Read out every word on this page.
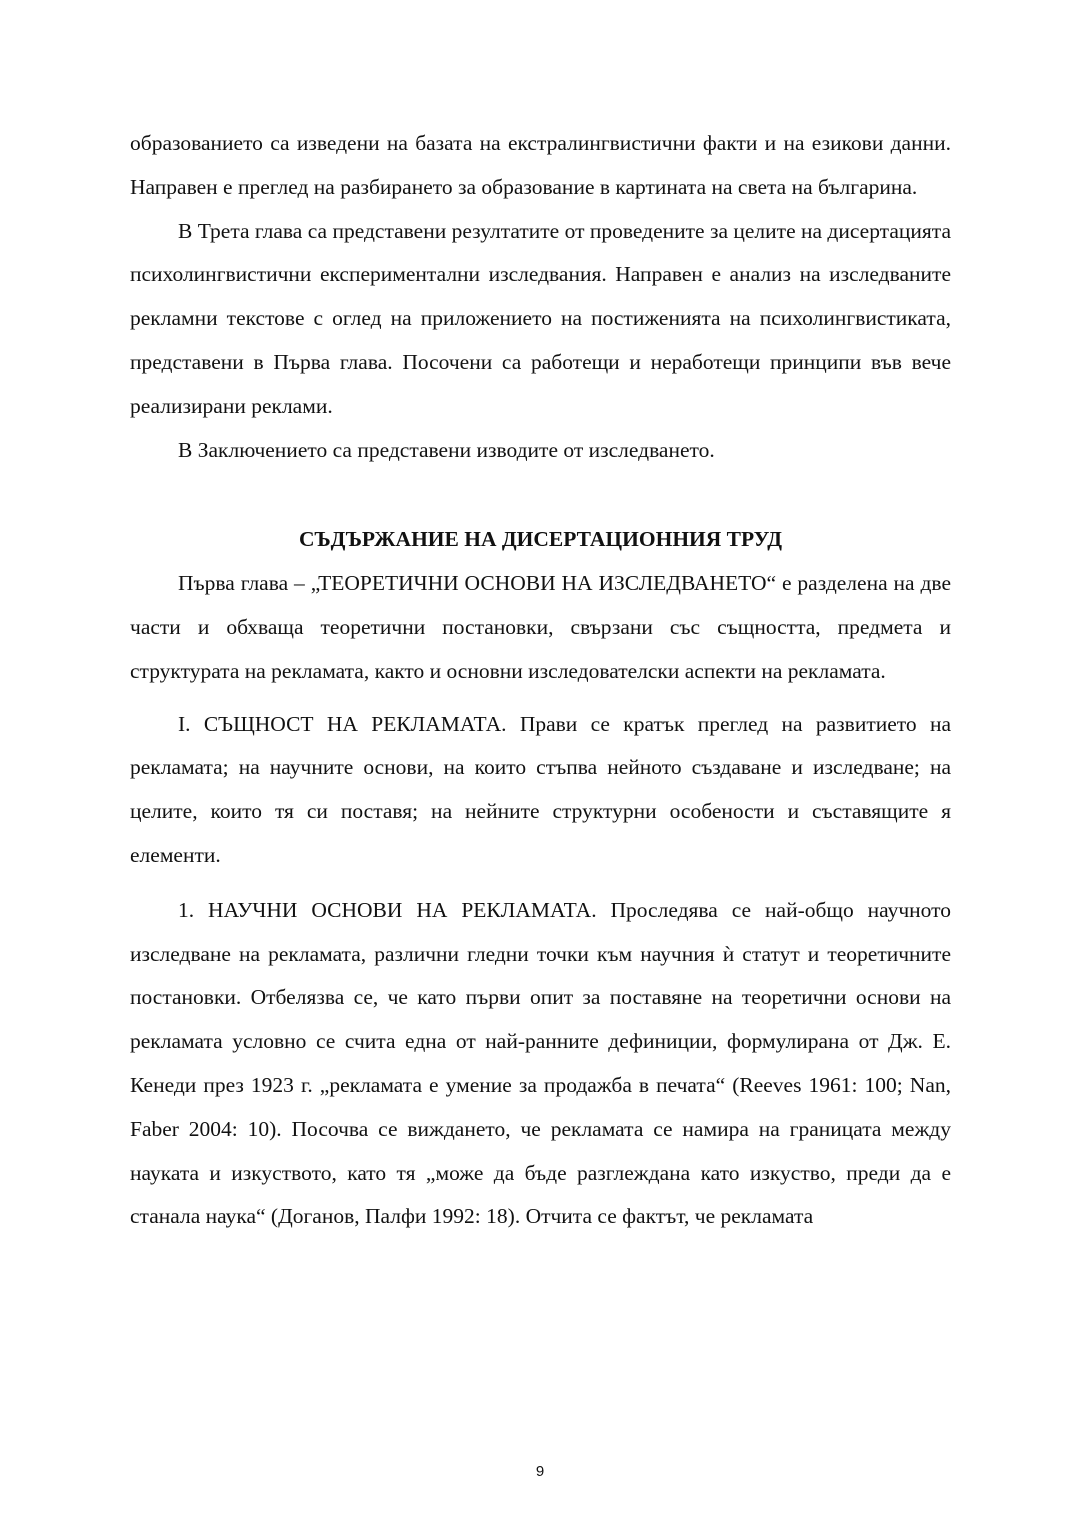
образованието са изведени на базата на екстралингвистични факти и на езикови данни. Направен е преглед на разбирането за образование в картината на света на българина.

В Трета глава са представени резултатите от проведените за целите на дисертацията психолингвистични експериментални изследвания. Направен е анализ на изследваните рекламни текстове с оглед на приложението на постиженията на психолингвистиката, представени в Първа глава. Посочени са работещи и неработещи принципи във вече реализирани реклами.

В Заключението са представени изводите от изследването.

СЪДЪРЖАНИЕ НА ДИСЕРТАЦИОННИЯ ТРУД

Първа глава – „ТЕОРЕТИЧНИ ОСНОВИ НА ИЗСЛЕДВАНЕТО“ е разделена на две части и обхваща теоретични постановки, свързани със същността, предмета и структурата на рекламата, както и основни изследователски аспекти на рекламата.

I. СЪЩНОСТ НА РЕКЛАМАТА. Прави се кратък преглед на развитието на рекламата; на научните основи, на които стъпва нейното създаване и изследване; на целите, които тя си поставя; на нейните структурни особености и съставящите я елементи.

1. НАУЧНИ ОСНОВИ НА РЕКЛАМАТА. Проследява се най-общо научното изследване на рекламата, различни гледни точки към научния ѝ статут и теоретичните постановки. Отбелязва се, че като първи опит за поставяне на теоретични основи на рекламата условно се счита една от най-ранните дефиниции, формулирана от Дж. Е. Кенеди през 1923 г. „рекламата е умение за продажба в печата“ (Reeves 1961: 100; Nan, Faber 2004: 10). Посочва се виждането, че рекламата се намира на границата между науката и изкуството, като тя „може да бъде разглеждана като изкуство, преди да е станала наука“ (Доганов, Палфи 1992: 18). Отчита се фактът, че рекламата

9
